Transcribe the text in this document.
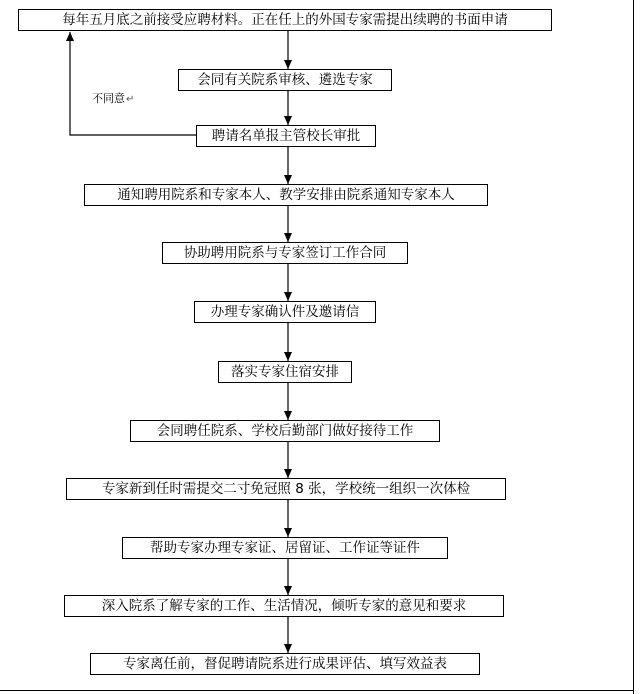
每年五月底之前接受应聘材料。正在任上的外国专家需提出续聘的书面申请
会同有关院系审核、遴选专家
聘请名单报主管校长审批
通知聘用院系和专家本人、教学安排由院系通知专家本人
协助聘用院系与专家签订工作合同
办理专家确认件及邀请信
落实专家住宿安排
会同聘任院系、学校后勤部门做好接待工作
专家新到任时需提交二寸免冠照 8 张，学校统一组织一次体检
帮助专家办理专家证、居留证、工作证等证件
深入院系了解专家的工作、生活情况，倾听专家的意见和要求
专家离任前，督促聘请院系进行成果评估、填写效益表
不同意↵
